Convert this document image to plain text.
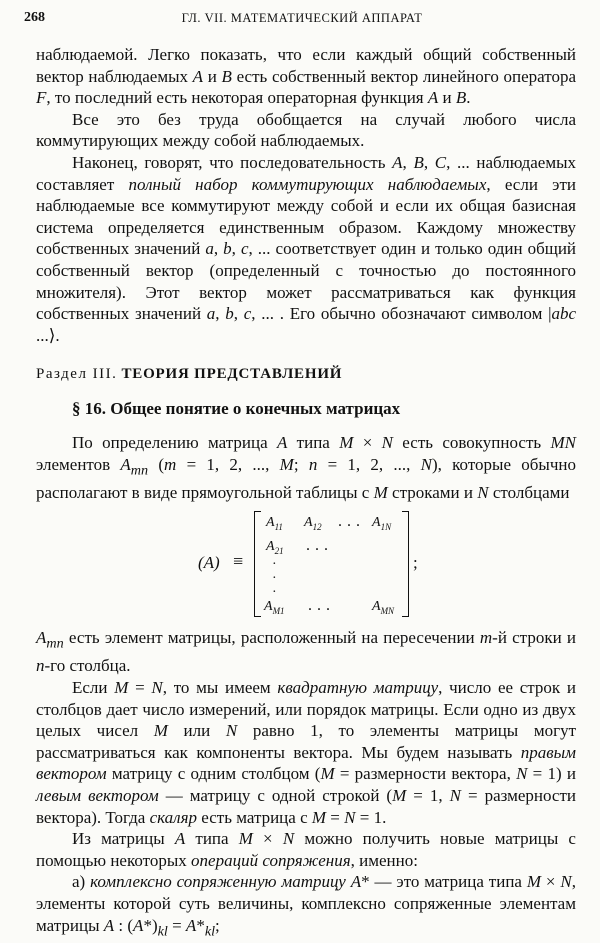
268	ГЛ. VII. МАТЕМАТИЧЕСКИЙ АППАРАТ

наблюдаемой. Легко показать, что если каждый общий собственный вектор наблюдаемых A и B есть собственный вектор линейного оператора F, то последний есть некоторая операторная функция A и B.

Все это без труда обобщается на случай любого числа коммутирующих между собой наблюдаемых.

Наконец, говорят, что последовательность A, B, C, ... наблюдаемых составляет полный набор коммутирующих наблюдаемых, если эти наблюдаемые все коммутируют между собой и если их общая базисная система определяется единственным образом. Каждому множеству собственных значений a, b, c, ... соответствует один и только один общий собственный вектор (определенный с точностью до постоянного множителя). Этот вектор может рассматриваться как функция собственных значений a, b, c, ... . Его обычно обозначают символом |abc ...⟩.

Раздел III. ТЕОРИЯ ПРЕДСТАВЛЕНИЙ
§ 16. Общее понятие о конечных матрицах

По определению матрица A типа M × N есть совокупность MN элементов $A_{mn}$ (m = 1, 2, ..., M; n = 1, 2, ..., N), которые обычно располагают в виде прямоугольной таблицы с M строками и N столбцами

(A) ≡
$A_{11}$ $A_{12}$ ... $A_{1N}$
$A_{21}$ ...
·
·
·
$A_{M1}$ ...	$A_{MN}$
;

$A_{mn}$ есть элемент матрицы, расположенный на пересечении m-й строки и n-го столбца.

Если M = N, то мы имеем квадратную матрицу, число ее строк и столбцов дает число измерений, или порядок матрицы. Если одно из двух целых чисел M или N равно 1, то элементы матрицы могут рассматриваться как компоненты вектора. Мы будем называть правым вектором матрицу с одним столбцом (M = размерности вектора, N = 1) и левым вектором — матрицу с одной строкой (M = 1, N = размерности вектора). Тогда скаляр есть матрица с M = N = 1.

Из матрицы A типа M × N можно получить новые матрицы с помощью некоторых операций сопряжения, именно:

а) комплексно сопряженную матрицу A* — это матрица типа M × N, элементы которой суть величины, комплексно сопряженные элементам матрицы A : $(A*)_{kl} = A*_{kl}$;
